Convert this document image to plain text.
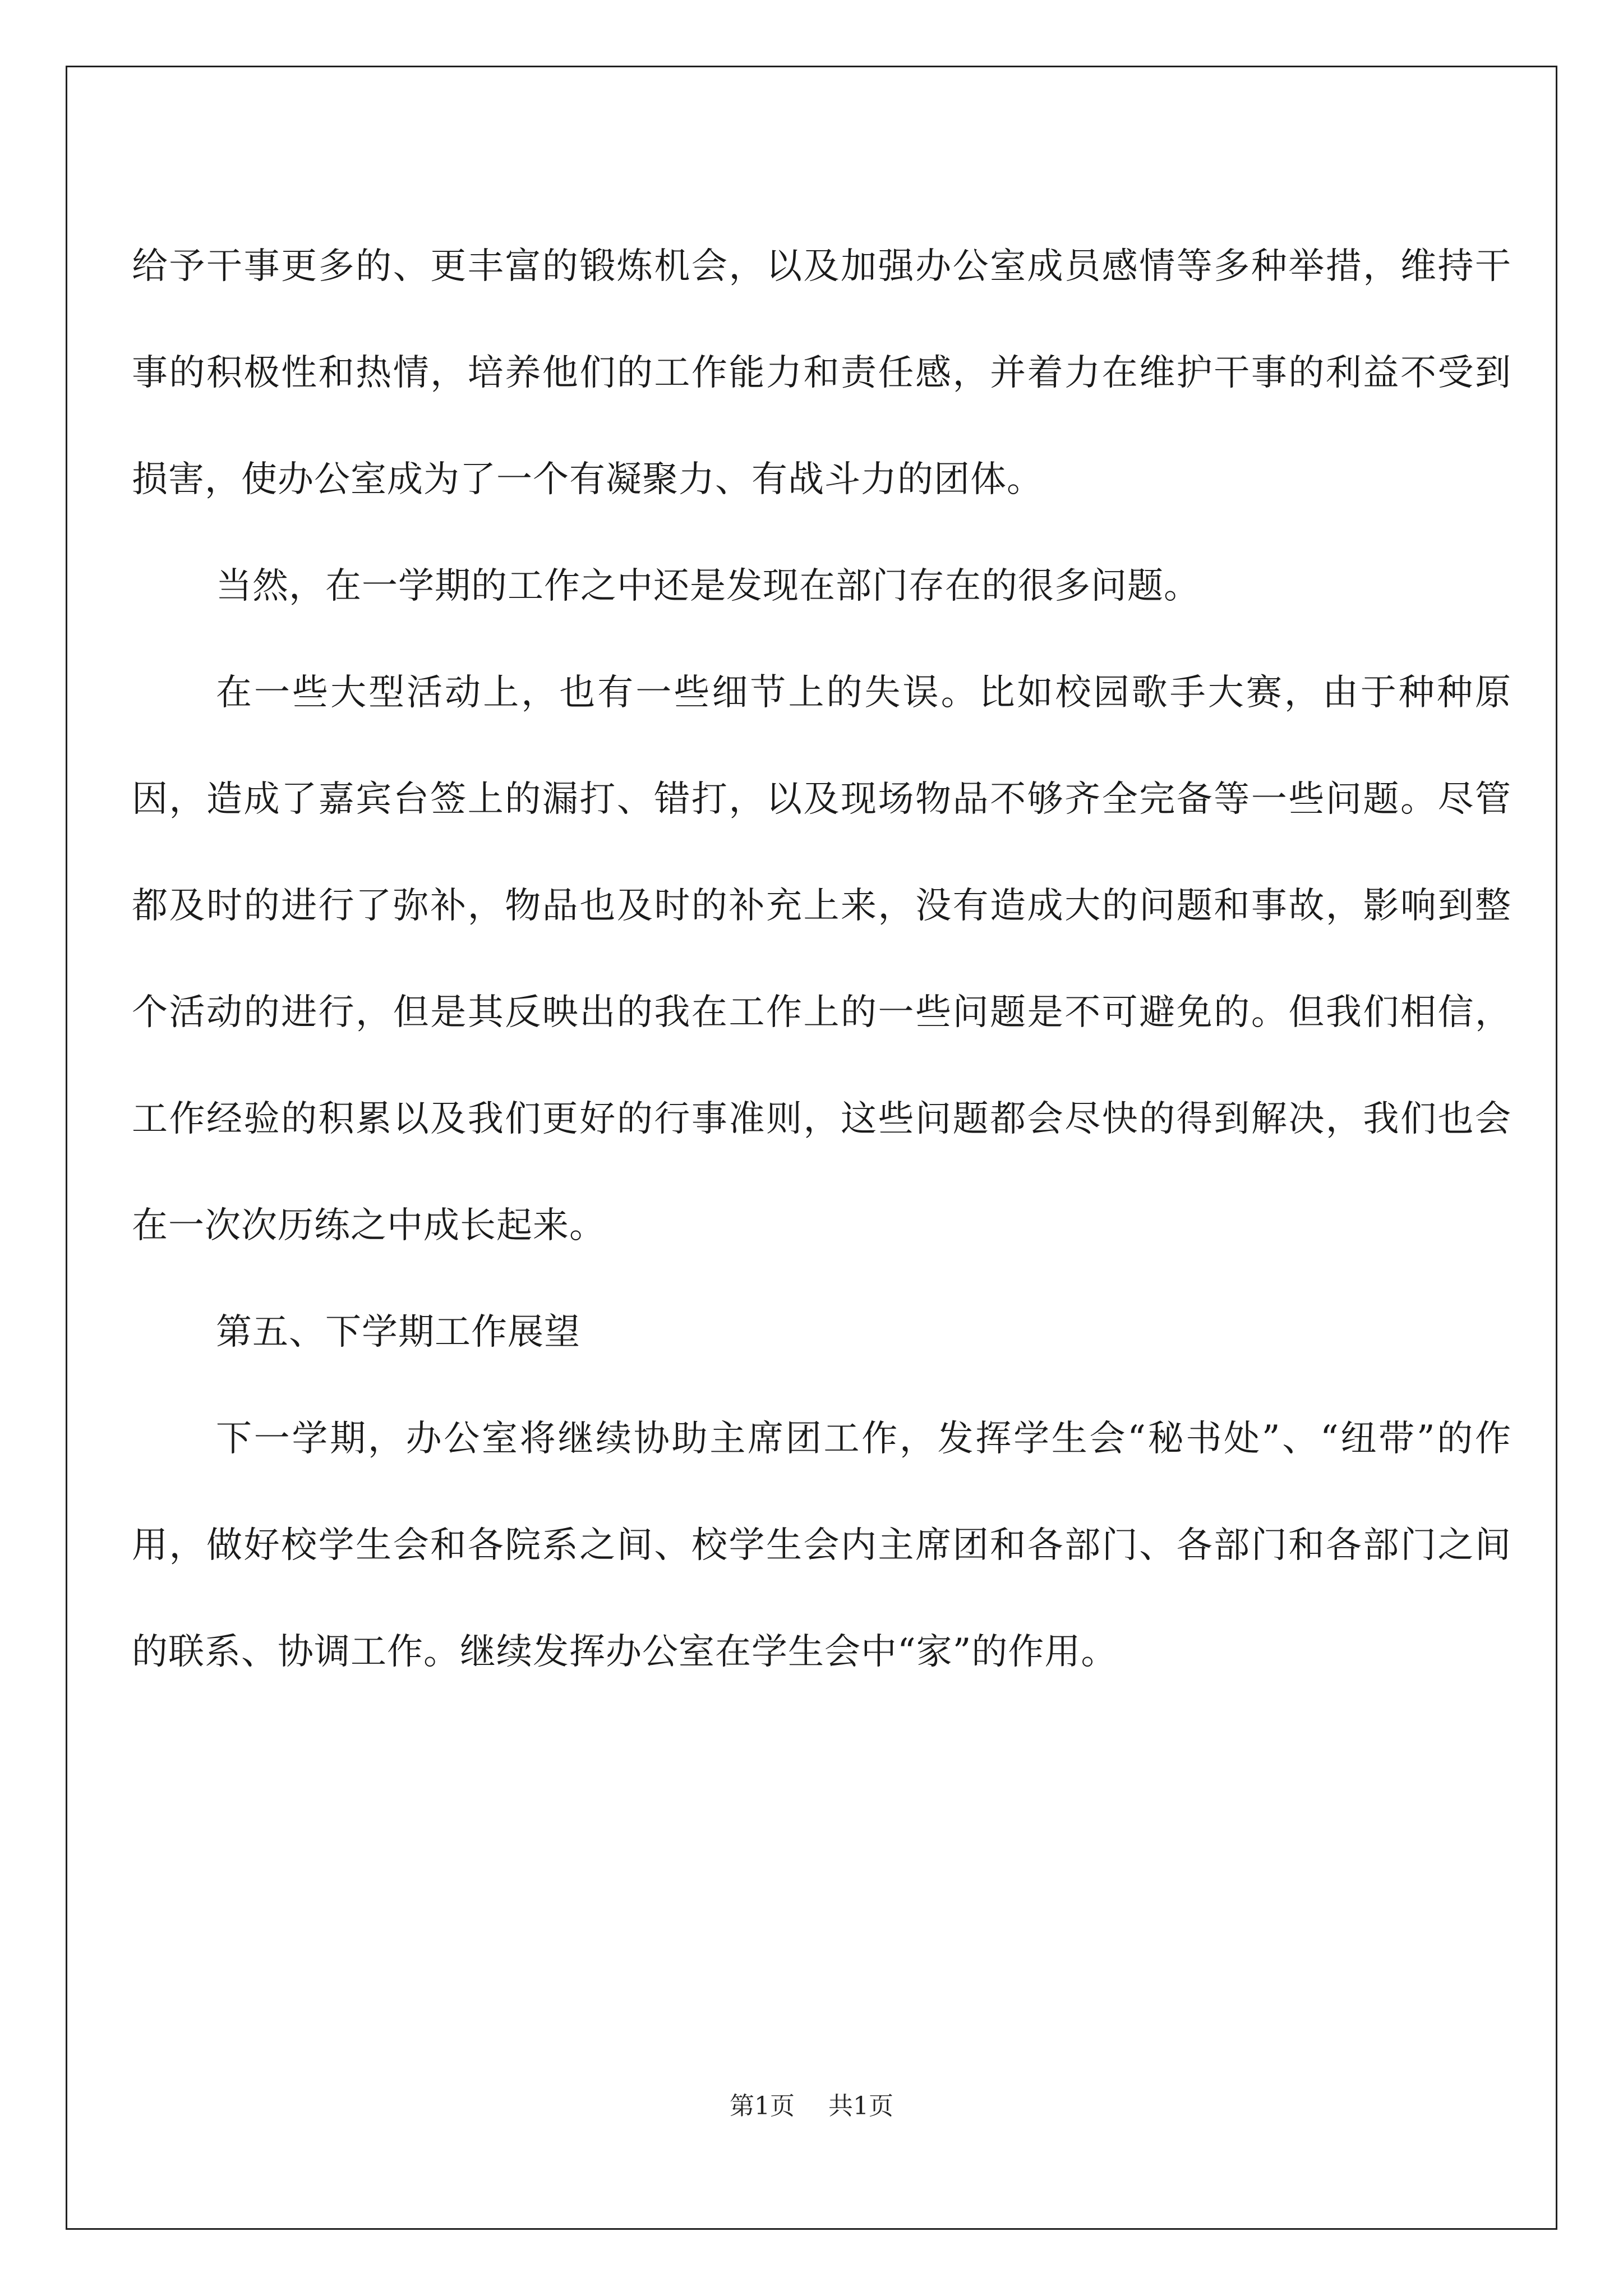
给予干事更多的、更丰富的锻炼机会，以及加强办公室成员感情等多种举措，维持干事的积极性和热情，培养他们的工作能力和责任感，并着力在维护干事的利益不受到损害，使办公室成为了一个有凝聚力、有战斗力的团体。

当然，在一学期的工作之中还是发现在部门存在的很多问题。

在一些大型活动上，也有一些细节上的失误。比如校园歌手大赛，由于种种原因，造成了嘉宾台签上的漏打、错打，以及现场物品不够齐全完备等一些问题。尽管都及时的进行了弥补，物品也及时的补充上来，没有造成大的问题和事故，影响到整个活动的进行，但是其反映出的我在工作上的一些问题是不可避免的。但我们相信，工作经验的积累以及我们更好的行事准则，这些问题都会尽快的得到解决，我们也会在一次次历练之中成长起来。

第五、下学期工作展望

下一学期，办公室将继续协助主席团工作，发挥学生会“秘书处”、“纽带”的作用，做好校学生会和各院系之间、校学生会内主席团和各部门、各部门和各部门之间的联系、协调工作。继续发挥办公室在学生会中“家”的作用。

第1页 共1页
